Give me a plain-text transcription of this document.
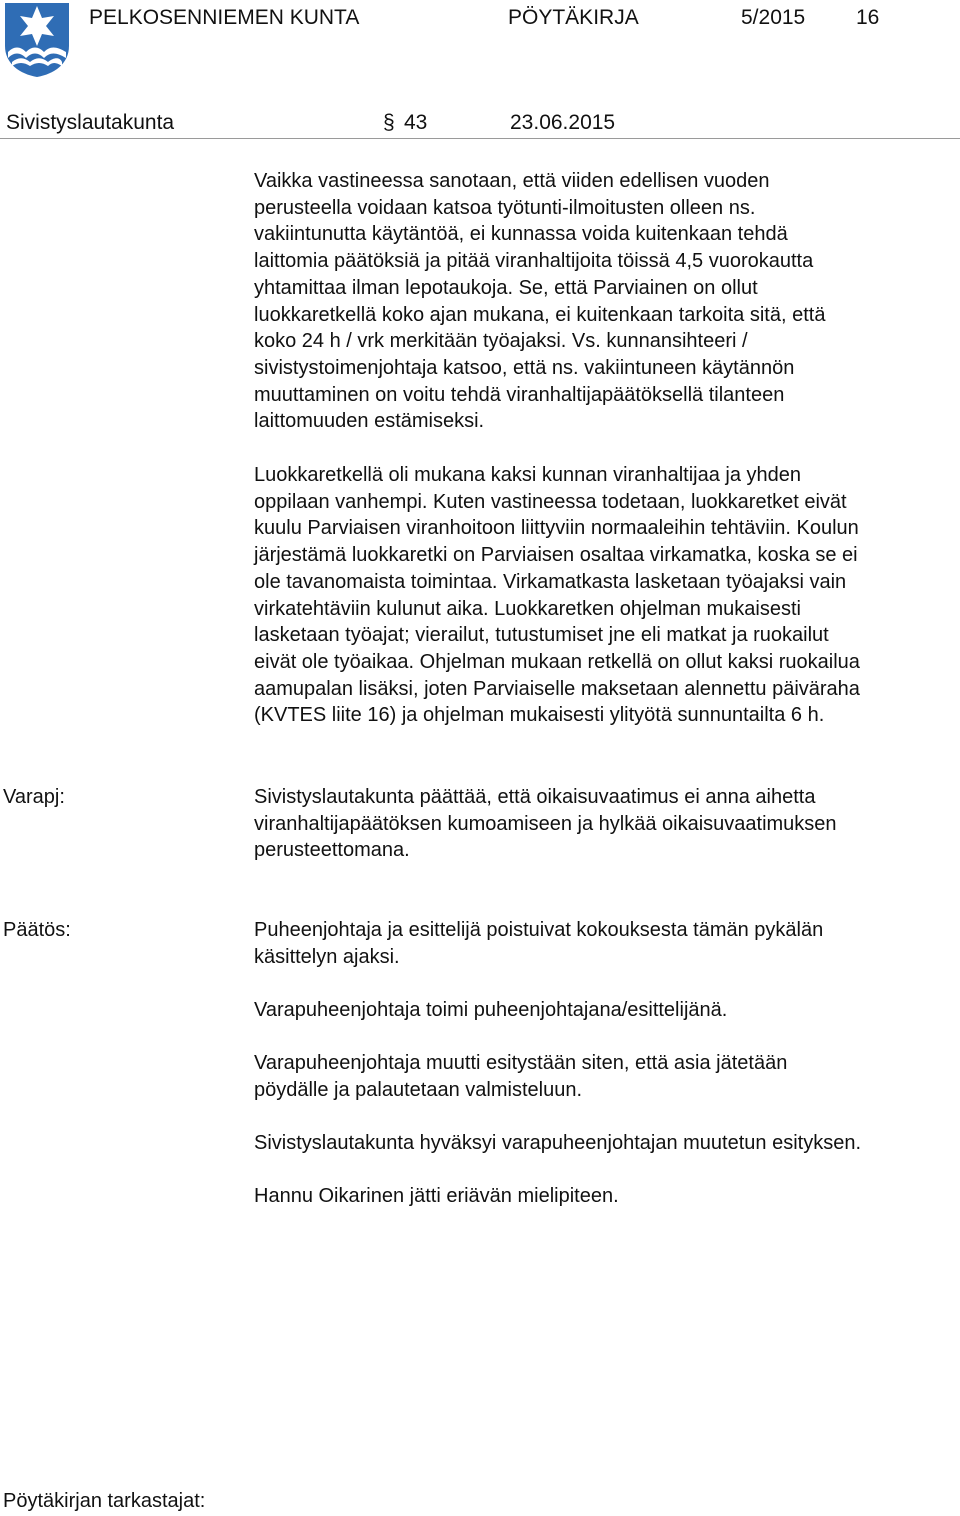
PELKOSENNIEMEN KUNTA	PÖYTÄKIRJA	5/2015 16
Sivistyslautakunta	§ 43	23.06.2015
Vaikka vastineessa sanotaan, että viiden edellisen vuoden
perusteella voidaan katsoa työtunti-ilmoitusten olleen ns.
vakiintunutta käytäntöä, ei kunnassa voida kuitenkaan tehdä
laittomia päätöksiä ja pitää viranhaltijoita töissä 4,5 vuorokautta
yhtamittaa ilman lepotaukoja. Se, että Parviainen on ollut
luokkaretkellä koko ajan mukana, ei kuitenkaan tarkoita sitä, että
koko 24 h / vrk merkitään työajaksi. Vs. kunnansihteeri /
sivistystoimenjohtaja katsoo, että ns. vakiintuneen käytännön
muuttaminen on voitu tehdä viranhaltijapäätöksellä tilanteen
laittomuuden estämiseksi.
Luokkaretkellä oli mukana kaksi kunnan viranhaltijaa ja yhden
oppilaan vanhempi. Kuten vastineessa todetaan, luokkaretket eivät
kuulu Parviaisen viranhoitoon liittyviin normaaleihin tehtäviin. Koulun
järjestämä luokkaretki on Parviaisen osaltaa virkamatka, koska se ei
ole tavanomaista toimintaa. Virkamatkasta lasketaan työajaksi vain
virkatehtäviin kulunut aika. Luokkaretken ohjelman mukaisesti
lasketaan työajat; vierailut, tutustumiset jne eli matkat ja ruokailut
eivät ole työaikaa. Ohjelman mukaan retkellä on ollut kaksi ruokailua
aamupalan lisäksi, joten Parviaiselle maksetaan alennettu päiväraha
(KVTES liite 16) ja ohjelman mukaisesti ylityötä sunnuntailta 6 h.
Varapj:	Sivistyslautakunta päättää, että oikaisuvaatimus ei anna aihetta
viranhaltijapäätöksen kumoamiseen ja hylkää oikaisuvaatimuksen
perusteettomana.
Päätös:	Puheenjohtaja ja esittelijä poistuivat kokouksesta tämän pykälän
käsittelyn ajaksi.
Varapuheenjohtaja toimi puheenjohtajana/esittelijänä.
Varapuheenjohtaja muutti esitystään siten, että asia jätetään
pöydälle ja palautetaan valmisteluun.
Sivistyslautakunta hyväksyi varapuheenjohtajan muutetun esityksen.
Hannu Oikarinen jätti eriävän mielipiteen.
Pöytäkirjan tarkastajat:
